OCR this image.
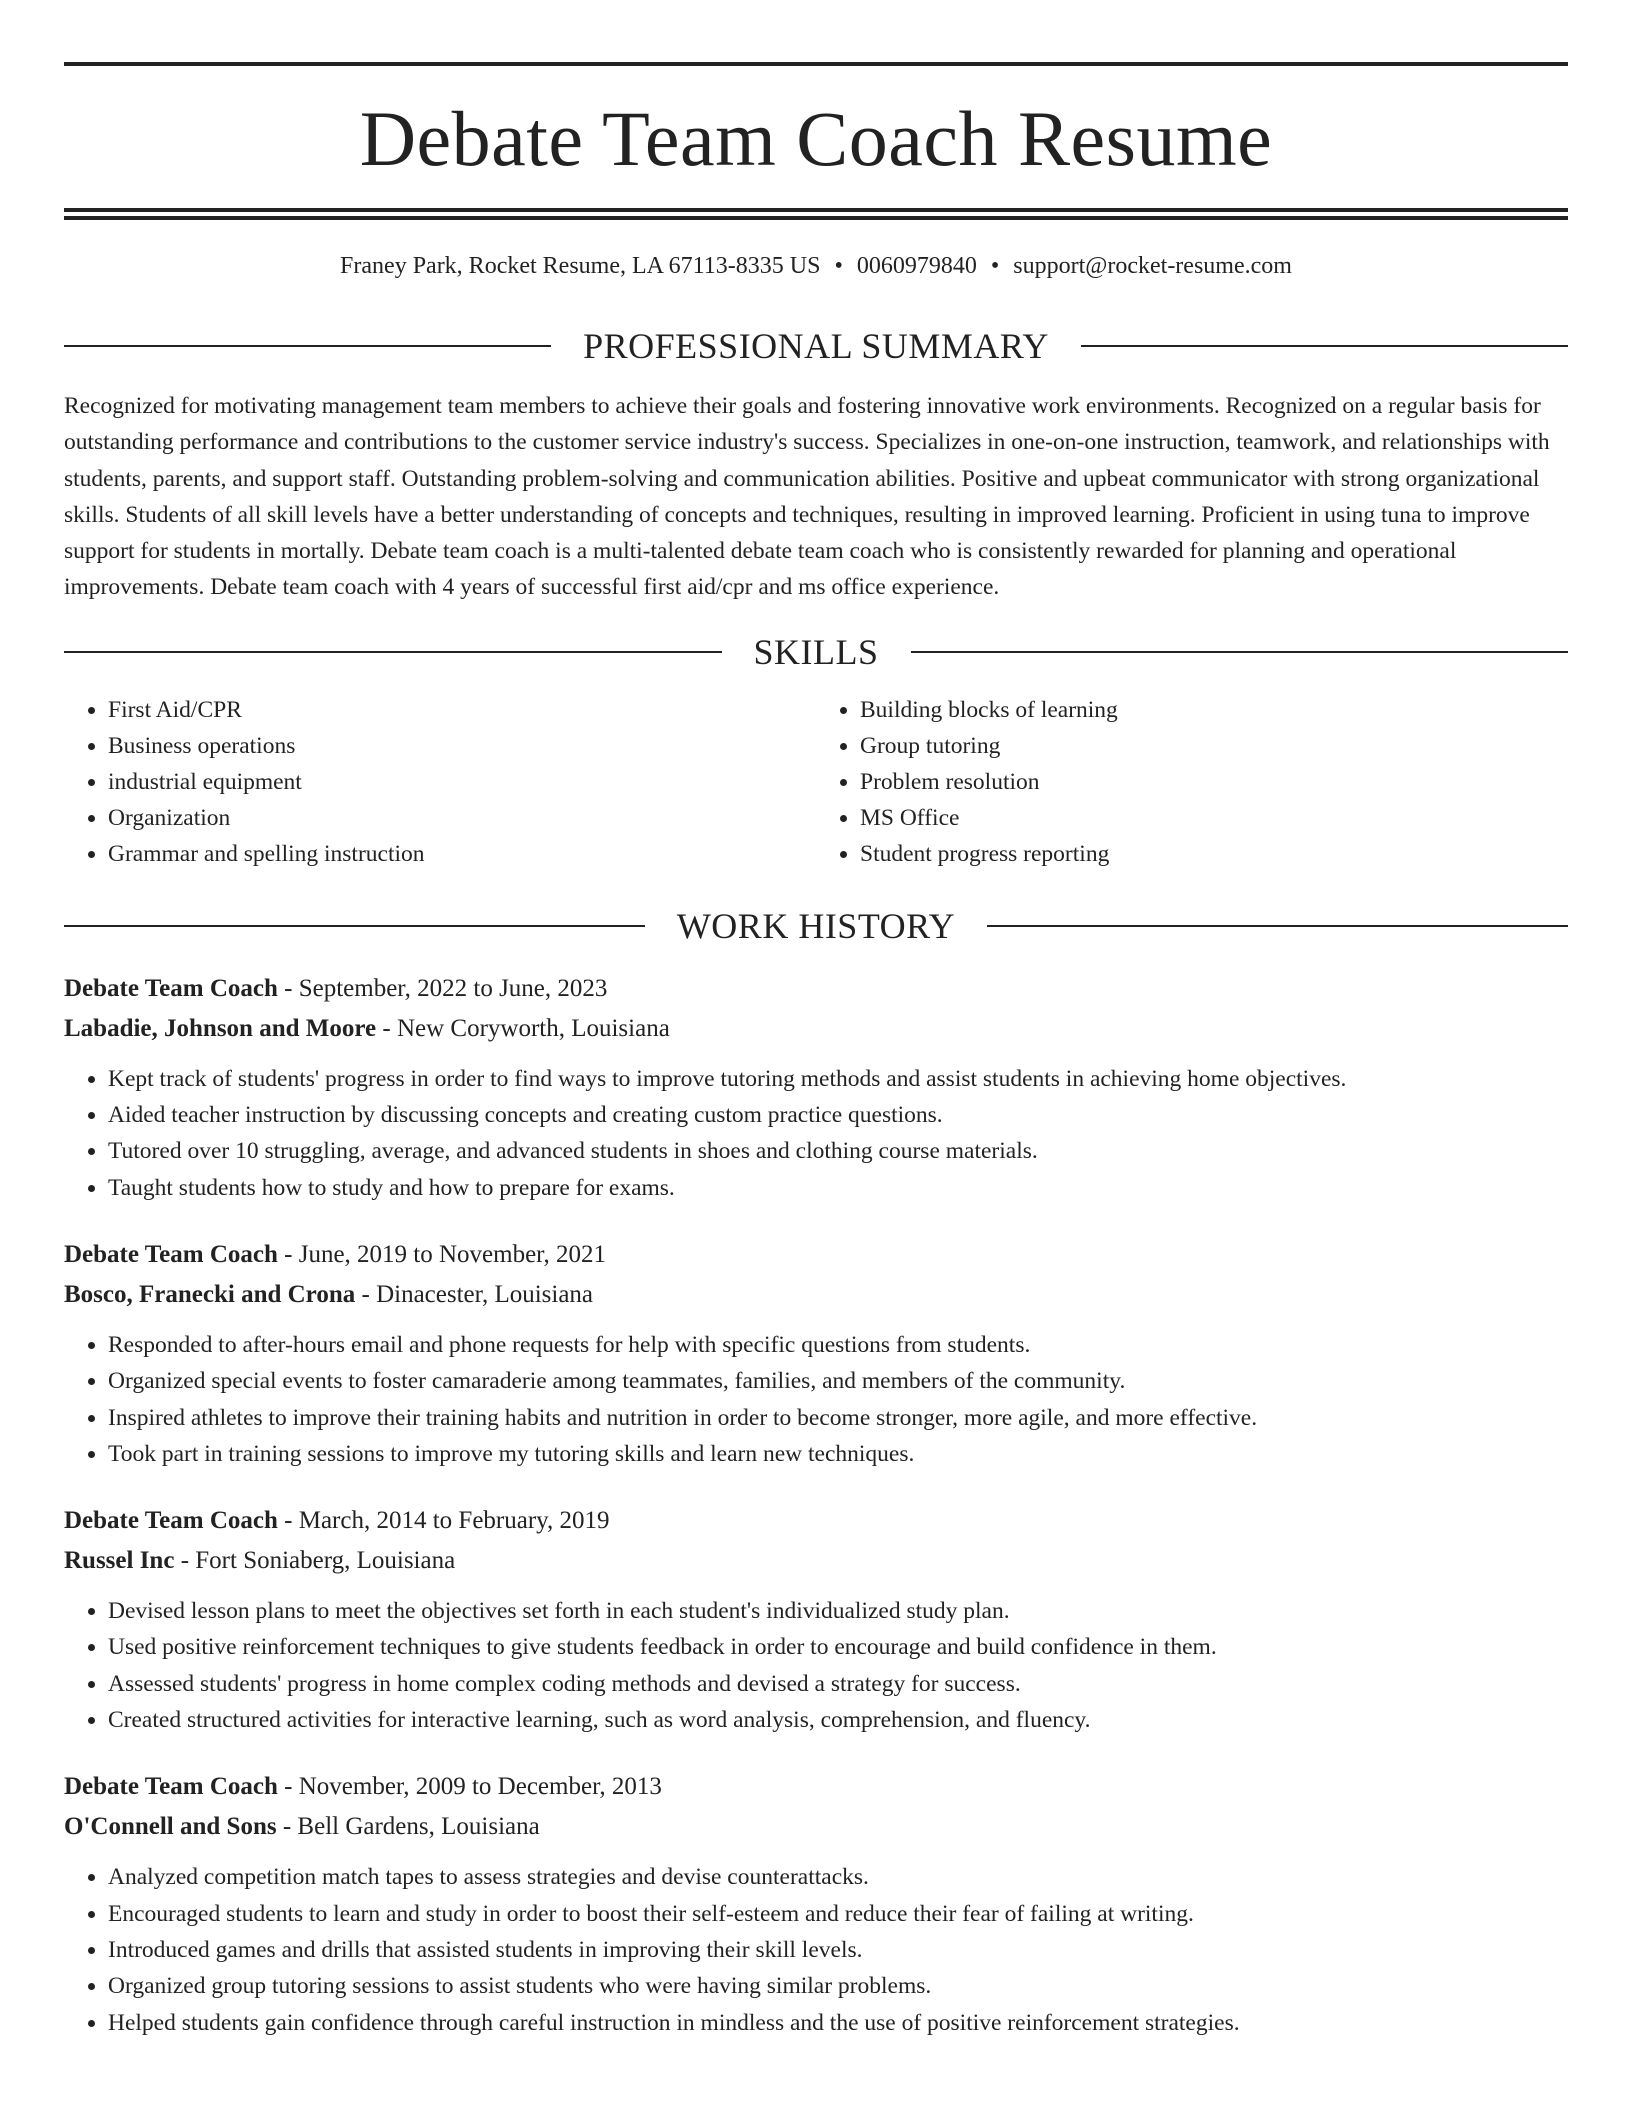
Debate Team Coach Resume
Franey Park, Rocket Resume, LA 67113-8335 US • 0060979840 • support@rocket-resume.com
PROFESSIONAL SUMMARY

Recognized for motivating management team members to achieve their goals and fostering innovative work environments. Recognized on a regular basis for outstanding performance and contributions to the customer service industry's success. Specializes in one-on-one instruction, teamwork, and relationships with students, parents, and support staff. Outstanding problem-solving and communication abilities. Positive and upbeat communicator with strong organizational skills. Students of all skill levels have a better understanding of concepts and techniques, resulting in improved learning. Proficient in using tuna to improve support for students in mortally. Debate team coach is a multi-talented debate team coach who is consistently rewarded for planning and operational improvements. Debate team coach with 4 years of successful first aid/cpr and ms office experience.

SKILLS
• First Aid/CPR
• Business operations
• industrial equipment
• Organization
• Grammar and spelling instruction
• Building blocks of learning
• Group tutoring
• Problem resolution
• MS Office
• Student progress reporting
WORK HISTORY
Debate Team Coach - September, 2022 to June, 2023
Labadie, Johnson and Moore - New Coryworth, Louisiana
• Kept track of students' progress in order to find ways to improve tutoring methods and assist students in achieving home objectives.
• Aided teacher instruction by discussing concepts and creating custom practice questions.
• Tutored over 10 struggling, average, and advanced students in shoes and clothing course materials.
• Taught students how to study and how to prepare for exams.
Debate Team Coach - June, 2019 to November, 2021
Bosco, Franecki and Crona - Dinacester, Louisiana
• Responded to after-hours email and phone requests for help with specific questions from students.
• Organized special events to foster camaraderie among teammates, families, and members of the community.
• Inspired athletes to improve their training habits and nutrition in order to become stronger, more agile, and more effective.
• Took part in training sessions to improve my tutoring skills and learn new techniques.
Debate Team Coach - March, 2014 to February, 2019
Russel Inc - Fort Soniaberg, Louisiana
• Devised lesson plans to meet the objectives set forth in each student's individualized study plan.
• Used positive reinforcement techniques to give students feedback in order to encourage and build confidence in them.
• Assessed students' progress in home complex coding methods and devised a strategy for success.
• Created structured activities for interactive learning, such as word analysis, comprehension, and fluency.
Debate Team Coach - November, 2009 to December, 2013
O'Connell and Sons - Bell Gardens, Louisiana
• Analyzed competition match tapes to assess strategies and devise counterattacks.
• Encouraged students to learn and study in order to boost their self-esteem and reduce their fear of failing at writing.
• Introduced games and drills that assisted students in improving their skill levels.
• Organized group tutoring sessions to assist students who were having similar problems.
• Helped students gain confidence through careful instruction in mindless and the use of positive reinforcement strategies.
